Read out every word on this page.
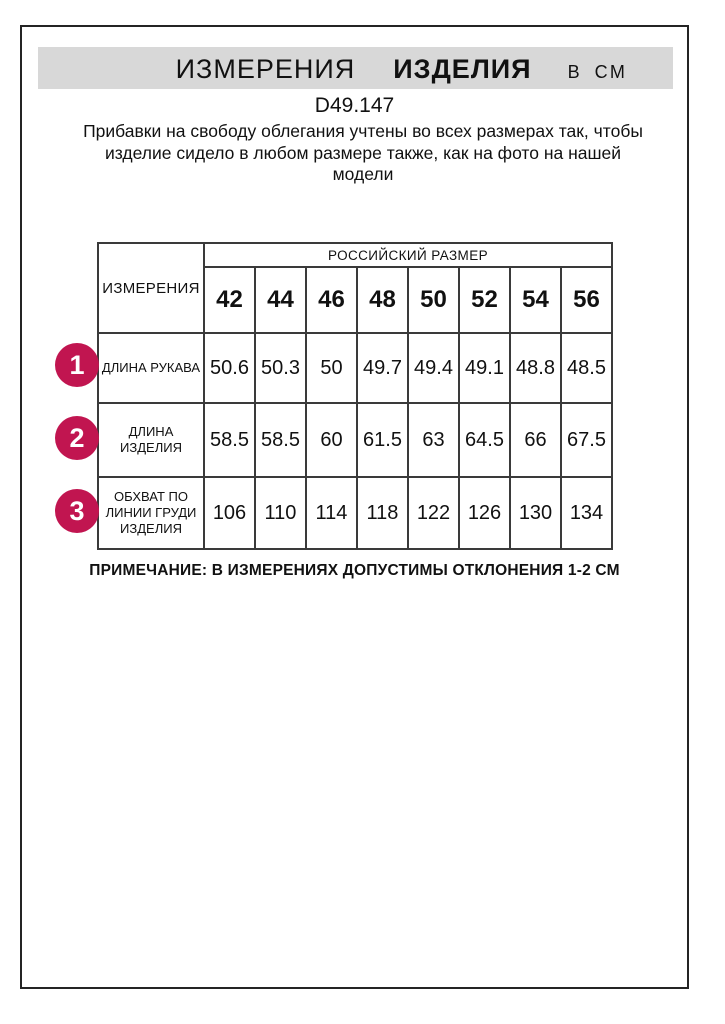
ИЗМЕРЕНИЯ ИЗДЕЛИЯ В СМ
D49.147
Прибавки на свободу облегания учтены во всех размерах так, чтобы изделие сидело в любом размере также, как на фото на нашей модели
ИЗМЕРЕНИЯ	РОССИЙСКИЙ РАЗМЕР							
	42	44	46	48	50	52	54	56
ДЛИНА РУКАВА	50.6	50.3	50	49.7	49.4	49.1	48.8	48.5
ДЛИНА ИЗДЕЛИЯ	58.5	58.5	60	61.5	63	64.5	66	67.5
ОБХВАТ ПО ЛИНИИ ГРУДИ ИЗДЕЛИЯ	106	110	114	118	122	126	130	134
1
2
3
ПРИМЕЧАНИЕ: В ИЗМЕРЕНИЯХ ДОПУСТИМЫ ОТКЛОНЕНИЯ 1-2 СМ
